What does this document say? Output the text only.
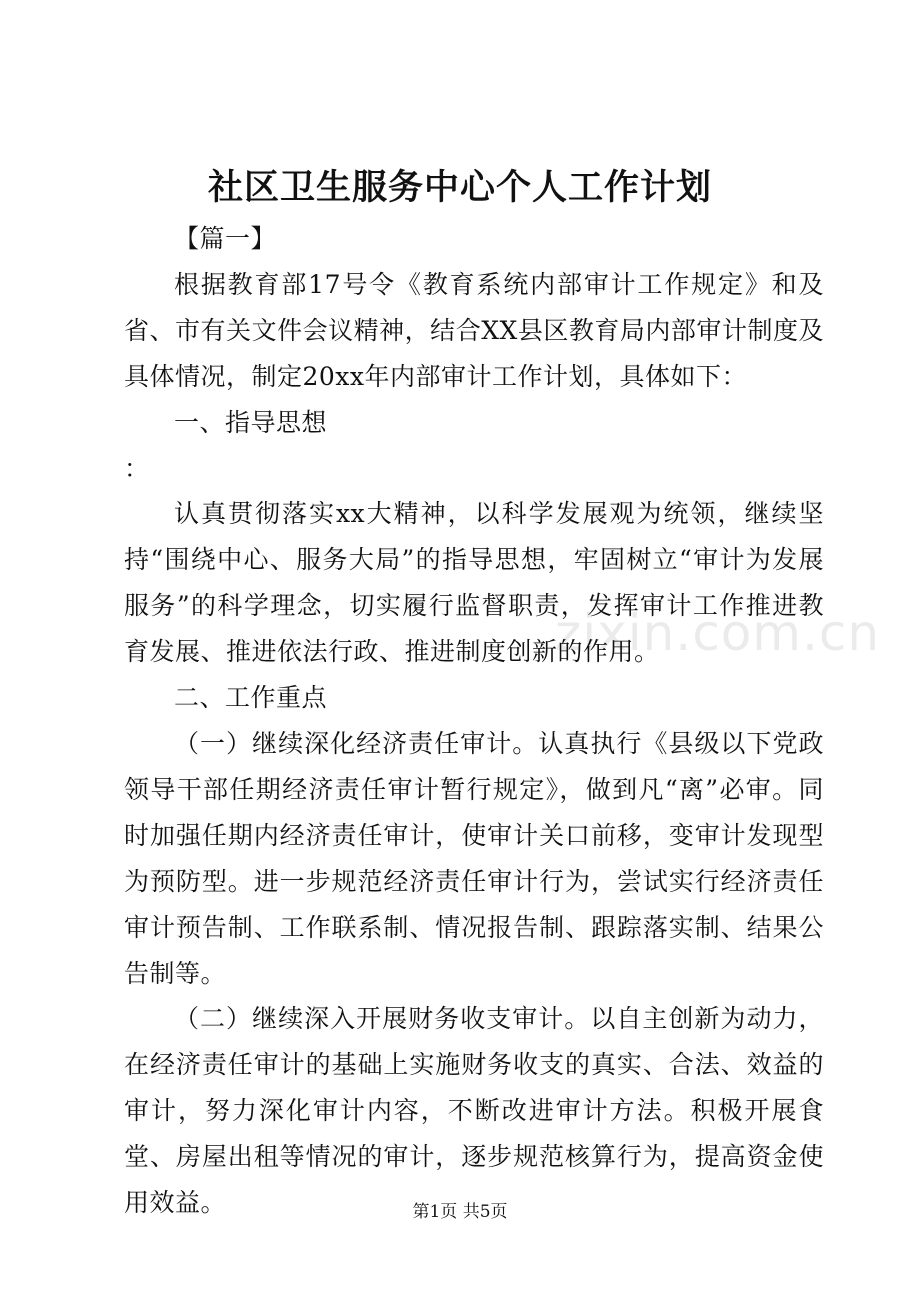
社区卫生服务中心个人工作计划

【篇一】

根据教育部17号令《教育系统内部审计工作规定》和及省、市有关文件会议精神，结合XX县区教育局内部审计制度及具体情况，制定20xx年内部审计工作计划，具体如下：

一、指导思想

：

认真贯彻落实xx大精神，以科学发展观为统领，继续坚持“围绕中心、服务大局”的指导思想，牢固树立“审计为发展服务”的科学理念，切实履行监督职责，发挥审计工作推进教育发展、推进依法行政、推进制度创新的作用。

二、工作重点

（一）继续深化经济责任审计。认真执行《县级以下党政领导干部任期经济责任审计暂行规定》，做到凡“离”必审。同时加强任期内经济责任审计，使审计关口前移，变审计发现型为预防型。进一步规范经济责任审计行为，尝试实行经济责任审计预告制、工作联系制、情况报告制、跟踪落实制、结果公告制等。

（二）继续深入开展财务收支审计。以自主创新为动力，在经济责任审计的基础上实施财务收支的真实、合法、效益的审计，努力深化审计内容，不断改进审计方法。积极开展食堂、房屋出租等情况的审计，逐步规范核算行为，提高资金使用效益。

zixin.com.cn
第1页 共5页
